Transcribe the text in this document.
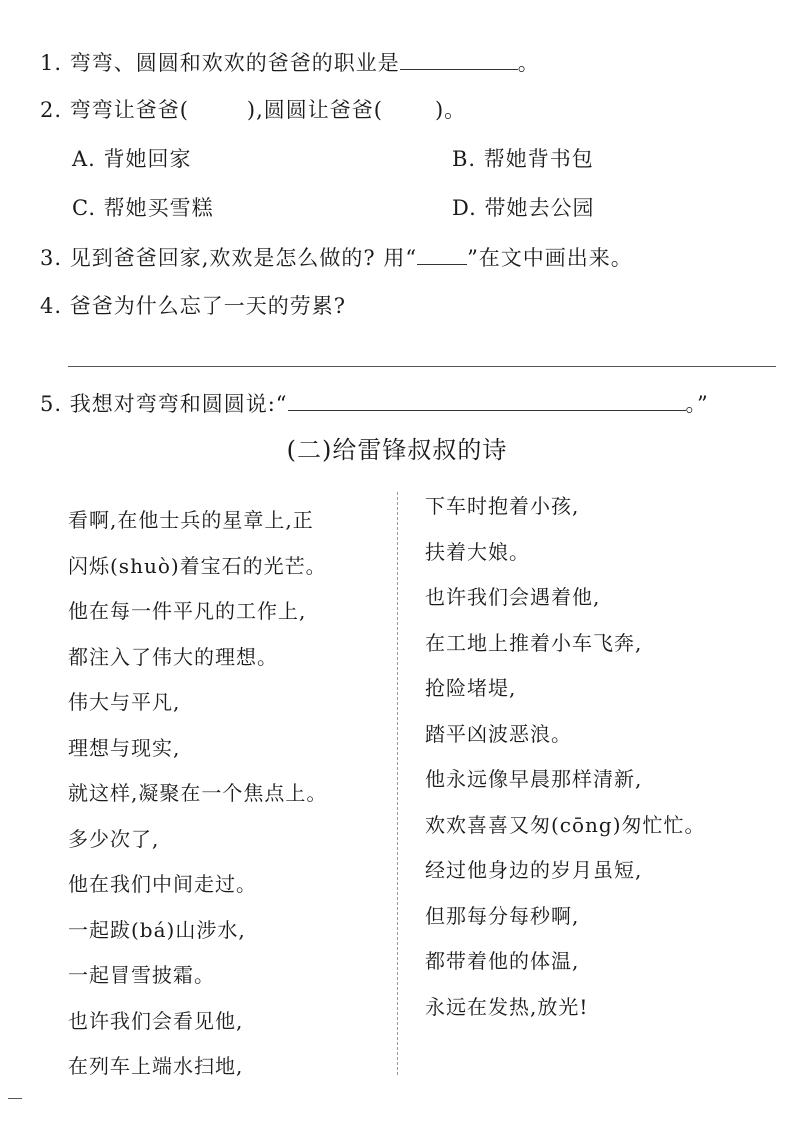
1. 弯弯、圆圆和欢欢的爸爸的职业是	。
2. 弯弯让爸爸(	),圆圆让爸爸( )。
A. 背她回家	B. 帮她背书包
C. 帮她买雪糕	D. 带她去公园
3. 见到爸爸回家,欢欢是怎么做的? 用“ ”在文中画出来。
4. 爸爸为什么忘了一天的劳累?
5. 我想对弯弯和圆圆说:“	。”
(二)给雷锋叔叔的诗
看啊,在他士兵的星章上,正
闪烁(shuò)着宝石的光芒。
他在每一件平凡的工作上,
都注入了伟大的理想。
伟大与平凡,
理想与现实,
就这样,凝聚在一个焦点上。
多少次了,
他在我们中间走过。
一起跋(bá)山涉水,
一起冒雪披霜。
也许我们会看见他,
在列车上端水扫地,
下车时抱着小孩,
扶着大娘。
也许我们会遇着他,
在工地上推着小车飞奔,
抢险堵堤,
踏平凶波恶浪。
他永远像早晨那样清新,
欢欢喜喜又匆(cōng)匆忙忙。
经过他身边的岁月虽短,
但那每分每秒啊,
都带着他的体温,
永远在发热,放光!
